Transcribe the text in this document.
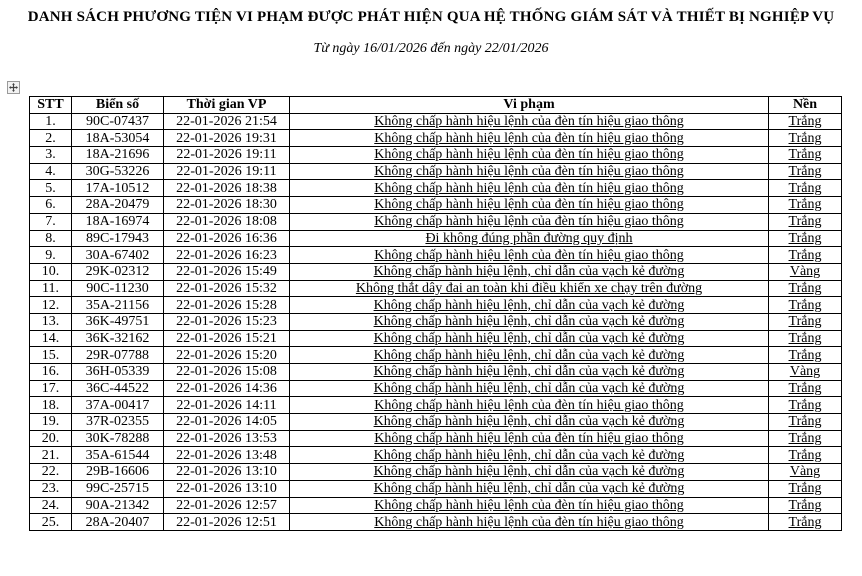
DANH SÁCH PHƯƠNG TIỆN VI PHẠM ĐƯỢC PHÁT HIỆN QUA HỆ THỐNG GIÁM SÁT VÀ THIẾT BỊ NGHIỆP VỤ
Từ ngày 16/01/2026 đến ngày 22/01/2026
STT	Biển số	Thời gian VP	Vi phạm	Nền
1.	90C-07437	22-01-2026 21:54	Không chấp hành hiệu lệnh của đèn tín hiệu giao thông	Trắng
2.	18A-53054	22-01-2026 19:31	Không chấp hành hiệu lệnh của đèn tín hiệu giao thông	Trắng
3.	18A-21696	22-01-2026 19:11	Không chấp hành hiệu lệnh của đèn tín hiệu giao thông	Trắng
4.	30G-53226	22-01-2026 19:11	Không chấp hành hiệu lệnh của đèn tín hiệu giao thông	Trắng
5.	17A-10512	22-01-2026 18:38	Không chấp hành hiệu lệnh của đèn tín hiệu giao thông	Trắng
6.	28A-20479	22-01-2026 18:30	Không chấp hành hiệu lệnh của đèn tín hiệu giao thông	Trắng
7.	18A-16974	22-01-2026 18:08	Không chấp hành hiệu lệnh của đèn tín hiệu giao thông	Trắng
8.	89C-17943	22-01-2026 16:36	Đi không đúng phần đường quy định	Trắng
9.	30A-67402	22-01-2026 16:23	Không chấp hành hiệu lệnh của đèn tín hiệu giao thông	Trắng
10.	29K-02312	22-01-2026 15:49	Không chấp hành hiệu lệnh, chỉ dẫn của vạch kẻ đường	Vàng
11.	90C-11230	22-01-2026 15:32	Không thắt dây đai an toàn khi điều khiển xe chạy trên đường	Trắng
12.	35A-21156	22-01-2026 15:28	Không chấp hành hiệu lệnh, chỉ dẫn của vạch kẻ đường	Trắng
13.	36K-49751	22-01-2026 15:23	Không chấp hành hiệu lệnh, chỉ dẫn của vạch kẻ đường	Trắng
14.	36K-32162	22-01-2026 15:21	Không chấp hành hiệu lệnh, chỉ dẫn của vạch kẻ đường	Trắng
15.	29R-07788	22-01-2026 15:20	Không chấp hành hiệu lệnh, chỉ dẫn của vạch kẻ đường	Trắng
16.	36H-05339	22-01-2026 15:08	Không chấp hành hiệu lệnh, chỉ dẫn của vạch kẻ đường	Vàng
17.	36C-44522	22-01-2026 14:36	Không chấp hành hiệu lệnh, chỉ dẫn của vạch kẻ đường	Trắng
18.	37A-00417	22-01-2026 14:11	Không chấp hành hiệu lệnh của đèn tín hiệu giao thông	Trắng
19.	37R-02355	22-01-2026 14:05	Không chấp hành hiệu lệnh, chỉ dẫn của vạch kẻ đường	Trắng
20.	30K-78288	22-01-2026 13:53	Không chấp hành hiệu lệnh của đèn tín hiệu giao thông	Trắng
21.	35A-61544	22-01-2026 13:48	Không chấp hành hiệu lệnh, chỉ dẫn của vạch kẻ đường	Trắng
22.	29B-16606	22-01-2026 13:10	Không chấp hành hiệu lệnh, chỉ dẫn của vạch kẻ đường	Vàng
23.	99C-25715	22-01-2026 13:10	Không chấp hành hiệu lệnh, chỉ dẫn của vạch kẻ đường	Trắng
24.	90A-21342	22-01-2026 12:57	Không chấp hành hiệu lệnh của đèn tín hiệu giao thông	Trắng
25.	28A-20407	22-01-2026 12:51	Không chấp hành hiệu lệnh của đèn tín hiệu giao thông	Trắng
